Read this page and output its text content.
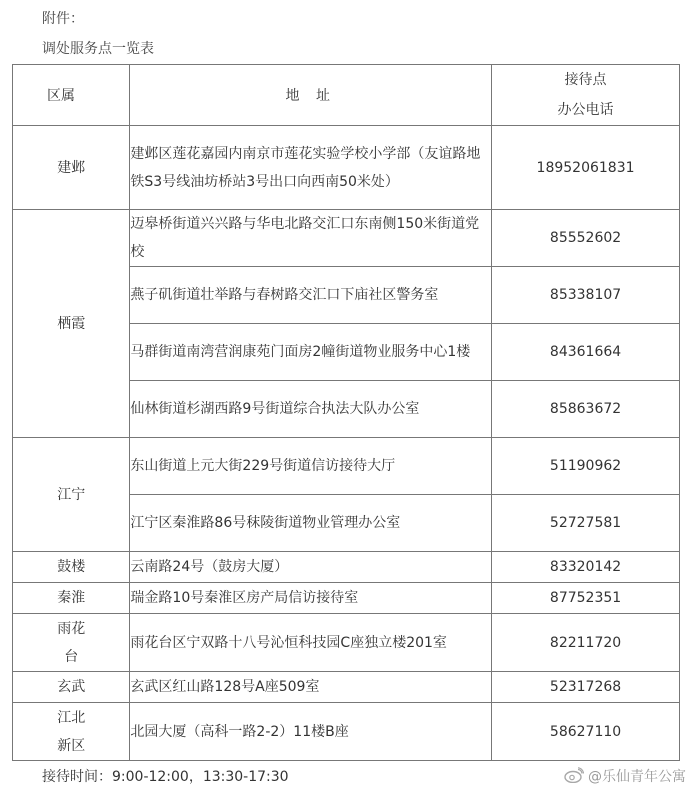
附件：
调处服务点一览表
区属	地 址	接待点
办公电话

建邺	建邺区莲花嘉园内南京市莲花实验学校小学部（友谊路地铁S3号线油坊桥站3号出口向西南50米处）	18952061831
栖霞	迈皋桥街道兴兴路与华电北路交汇口东南侧150米街道党校	85552602
	燕子矶街道壮举路与春树路交汇口下庙社区警务室	85338107
	马群街道南湾营润康苑门面房2幢街道物业服务中心1楼	84361664
	仙林街道杉湖西路9号街道综合执法大队办公室	85863672
江宁	东山街道上元大街229号街道信访接待大厅	51190962
	江宁区秦淮路86号秣陵街道物业管理办公室	52727581
鼓楼	云南路24号（鼓房大厦）	83320142
秦淮	瑞金路10号秦淮区房产局信访接待室	87752351

雨花
台	雨花台区宁双路十八号沁恒科技园C座独立楼201室	82211720
玄武	玄武区红山路128号A座509室	52317268

江北
新区	北园大厦（高科一路2-2）11楼B座	58627110
接待时间：9:00-12:00，13:30-17:30	@乐仙青年公寓
